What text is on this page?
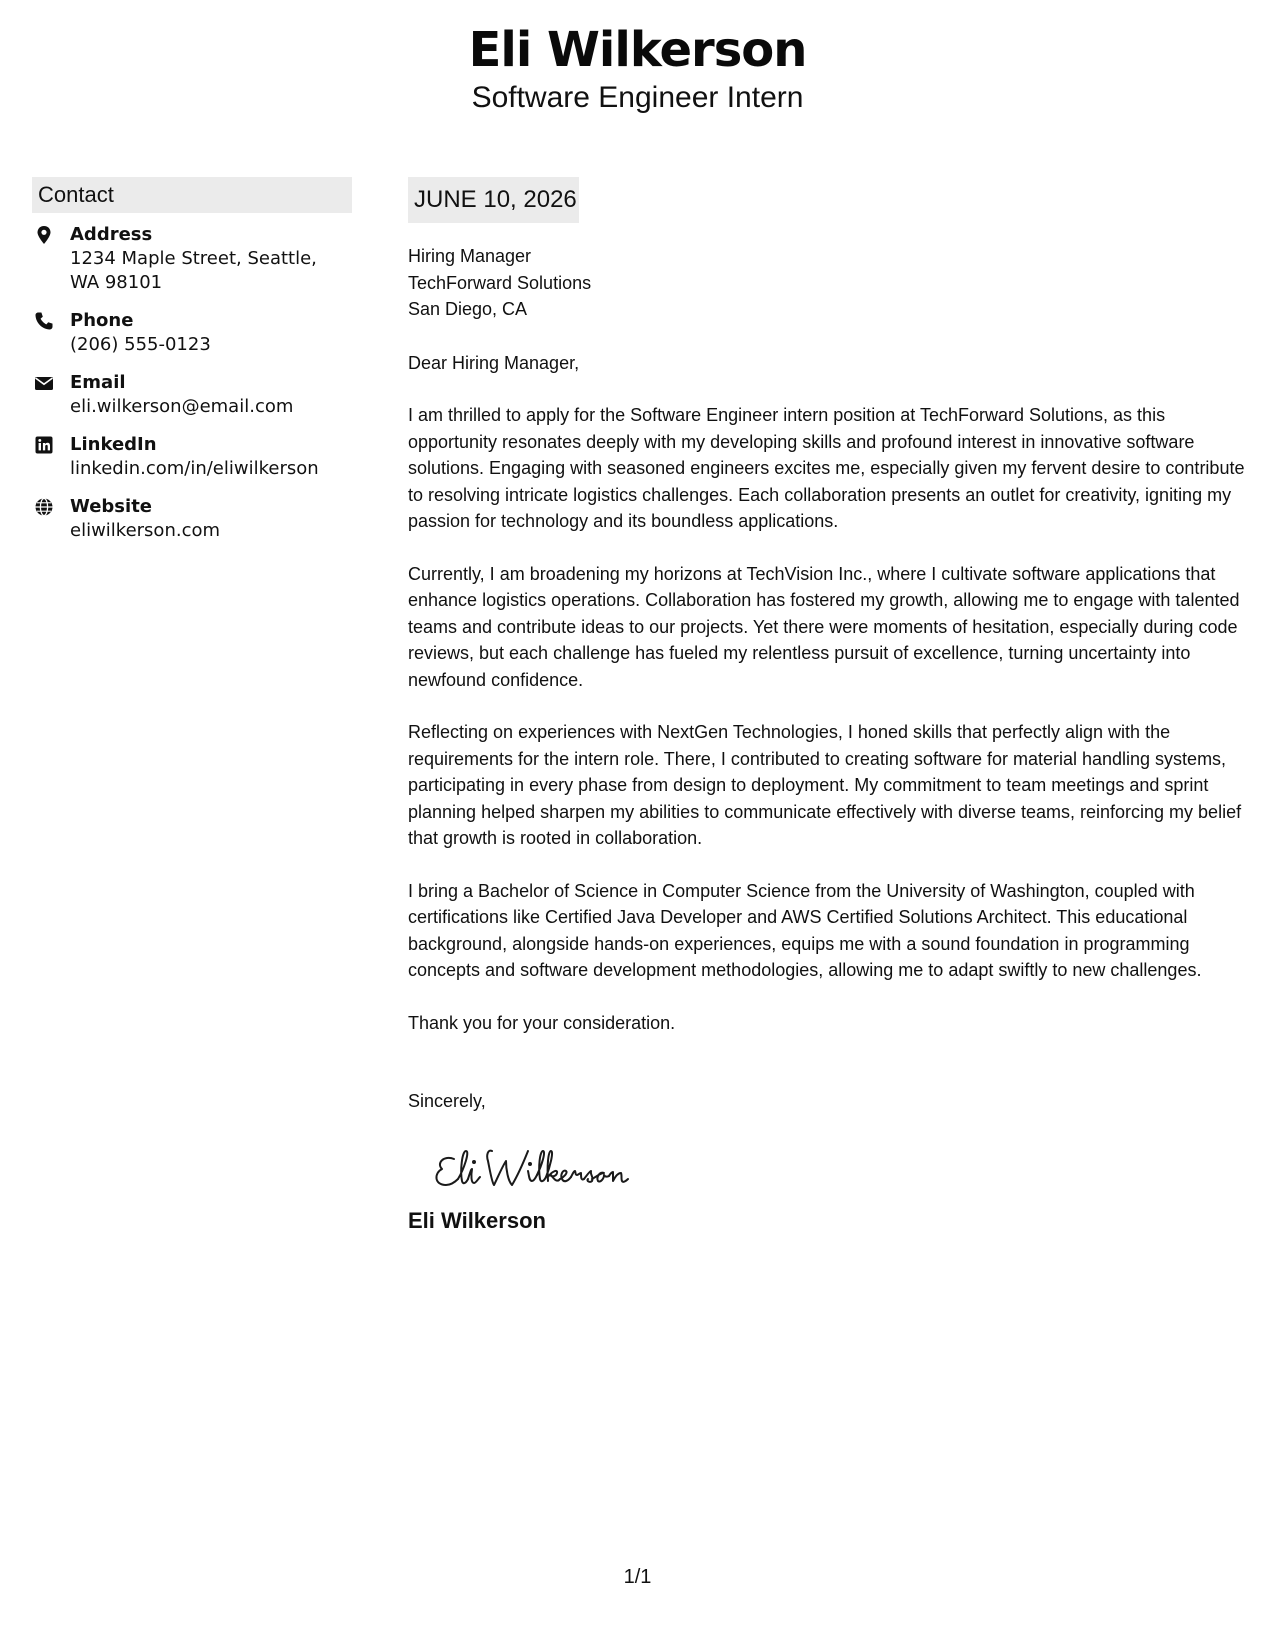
Eli Wilkerson
Software Engineer Intern
Contact
Address
1234 Maple Street, Seattle, WA 98101
Phone
(206) 555-0123
Email
eli.wilkerson@email.com
LinkedIn
linkedin.com/in/eliwilkerson
Website
eliwilkerson.com
JUNE 10, 2026
Hiring Manager
TechForward Solutions
San Diego, CA
Dear Hiring Manager,
I am thrilled to apply for the Software Engineer intern position at TechForward Solutions, as this opportunity resonates deeply with my developing skills and profound interest in innovative software solutions. Engaging with seasoned engineers excites me, especially given my fervent desire to contribute to resolving intricate logistics challenges. Each collaboration presents an outlet for creativity, igniting my passion for technology and its boundless applications.
Currently, I am broadening my horizons at TechVision Inc., where I cultivate software applications that enhance logistics operations. Collaboration has fostered my growth, allowing me to engage with talented teams and contribute ideas to our projects. Yet there were moments of hesitation, especially during code reviews, but each challenge has fueled my relentless pursuit of excellence, turning uncertainty into newfound confidence.
Reflecting on experiences with NextGen Technologies, I honed skills that perfectly align with the requirements for the intern role. There, I contributed to creating software for material handling systems, participating in every phase from design to deployment. My commitment to team meetings and sprint planning helped sharpen my abilities to communicate effectively with diverse teams, reinforcing my belief that growth is rooted in collaboration.
I bring a Bachelor of Science in Computer Science from the University of Washington, coupled with certifications like Certified Java Developer and AWS Certified Solutions Architect. This educational background, alongside hands-on experiences, equips me with a sound foundation in programming concepts and software development methodologies, allowing me to adapt swiftly to new challenges.
Thank you for your consideration.
Sincerely,
Eli Wilkerson
1/1
